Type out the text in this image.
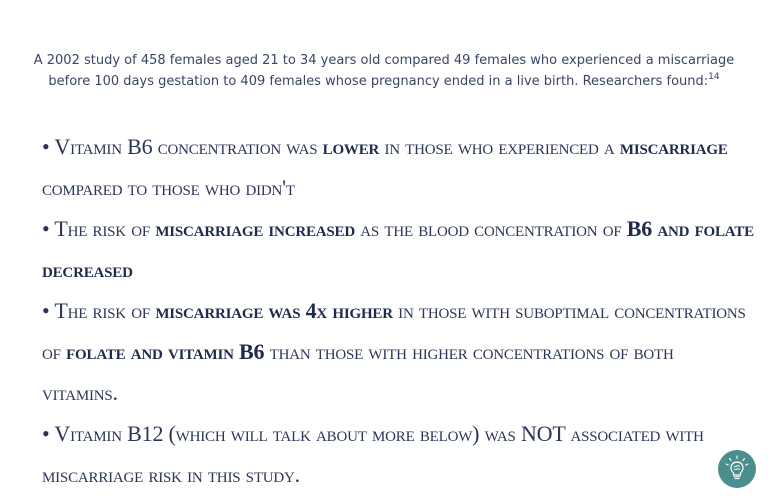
A 2002 study of 458 females aged 21 to 34 years old compared 49 females who experienced a miscarriage before 100 days gestation to 409 females whose pregnancy ended in a live birth. Researchers found:$^{14}$
• Vitamin B6 concentration was lower in those who experienced a miscarriage compared to those who didn't
• The risk of miscarriage increased as the blood concentration of B6 and folate decreased
• The risk of miscarriage was 4x higher in those with suboptimal concentrations of folate and vitamin B6 than those with higher concentrations of both vitamins.
• Vitamin B12 (which will talk about more below) was NOT associated with miscarriage risk in this study.
